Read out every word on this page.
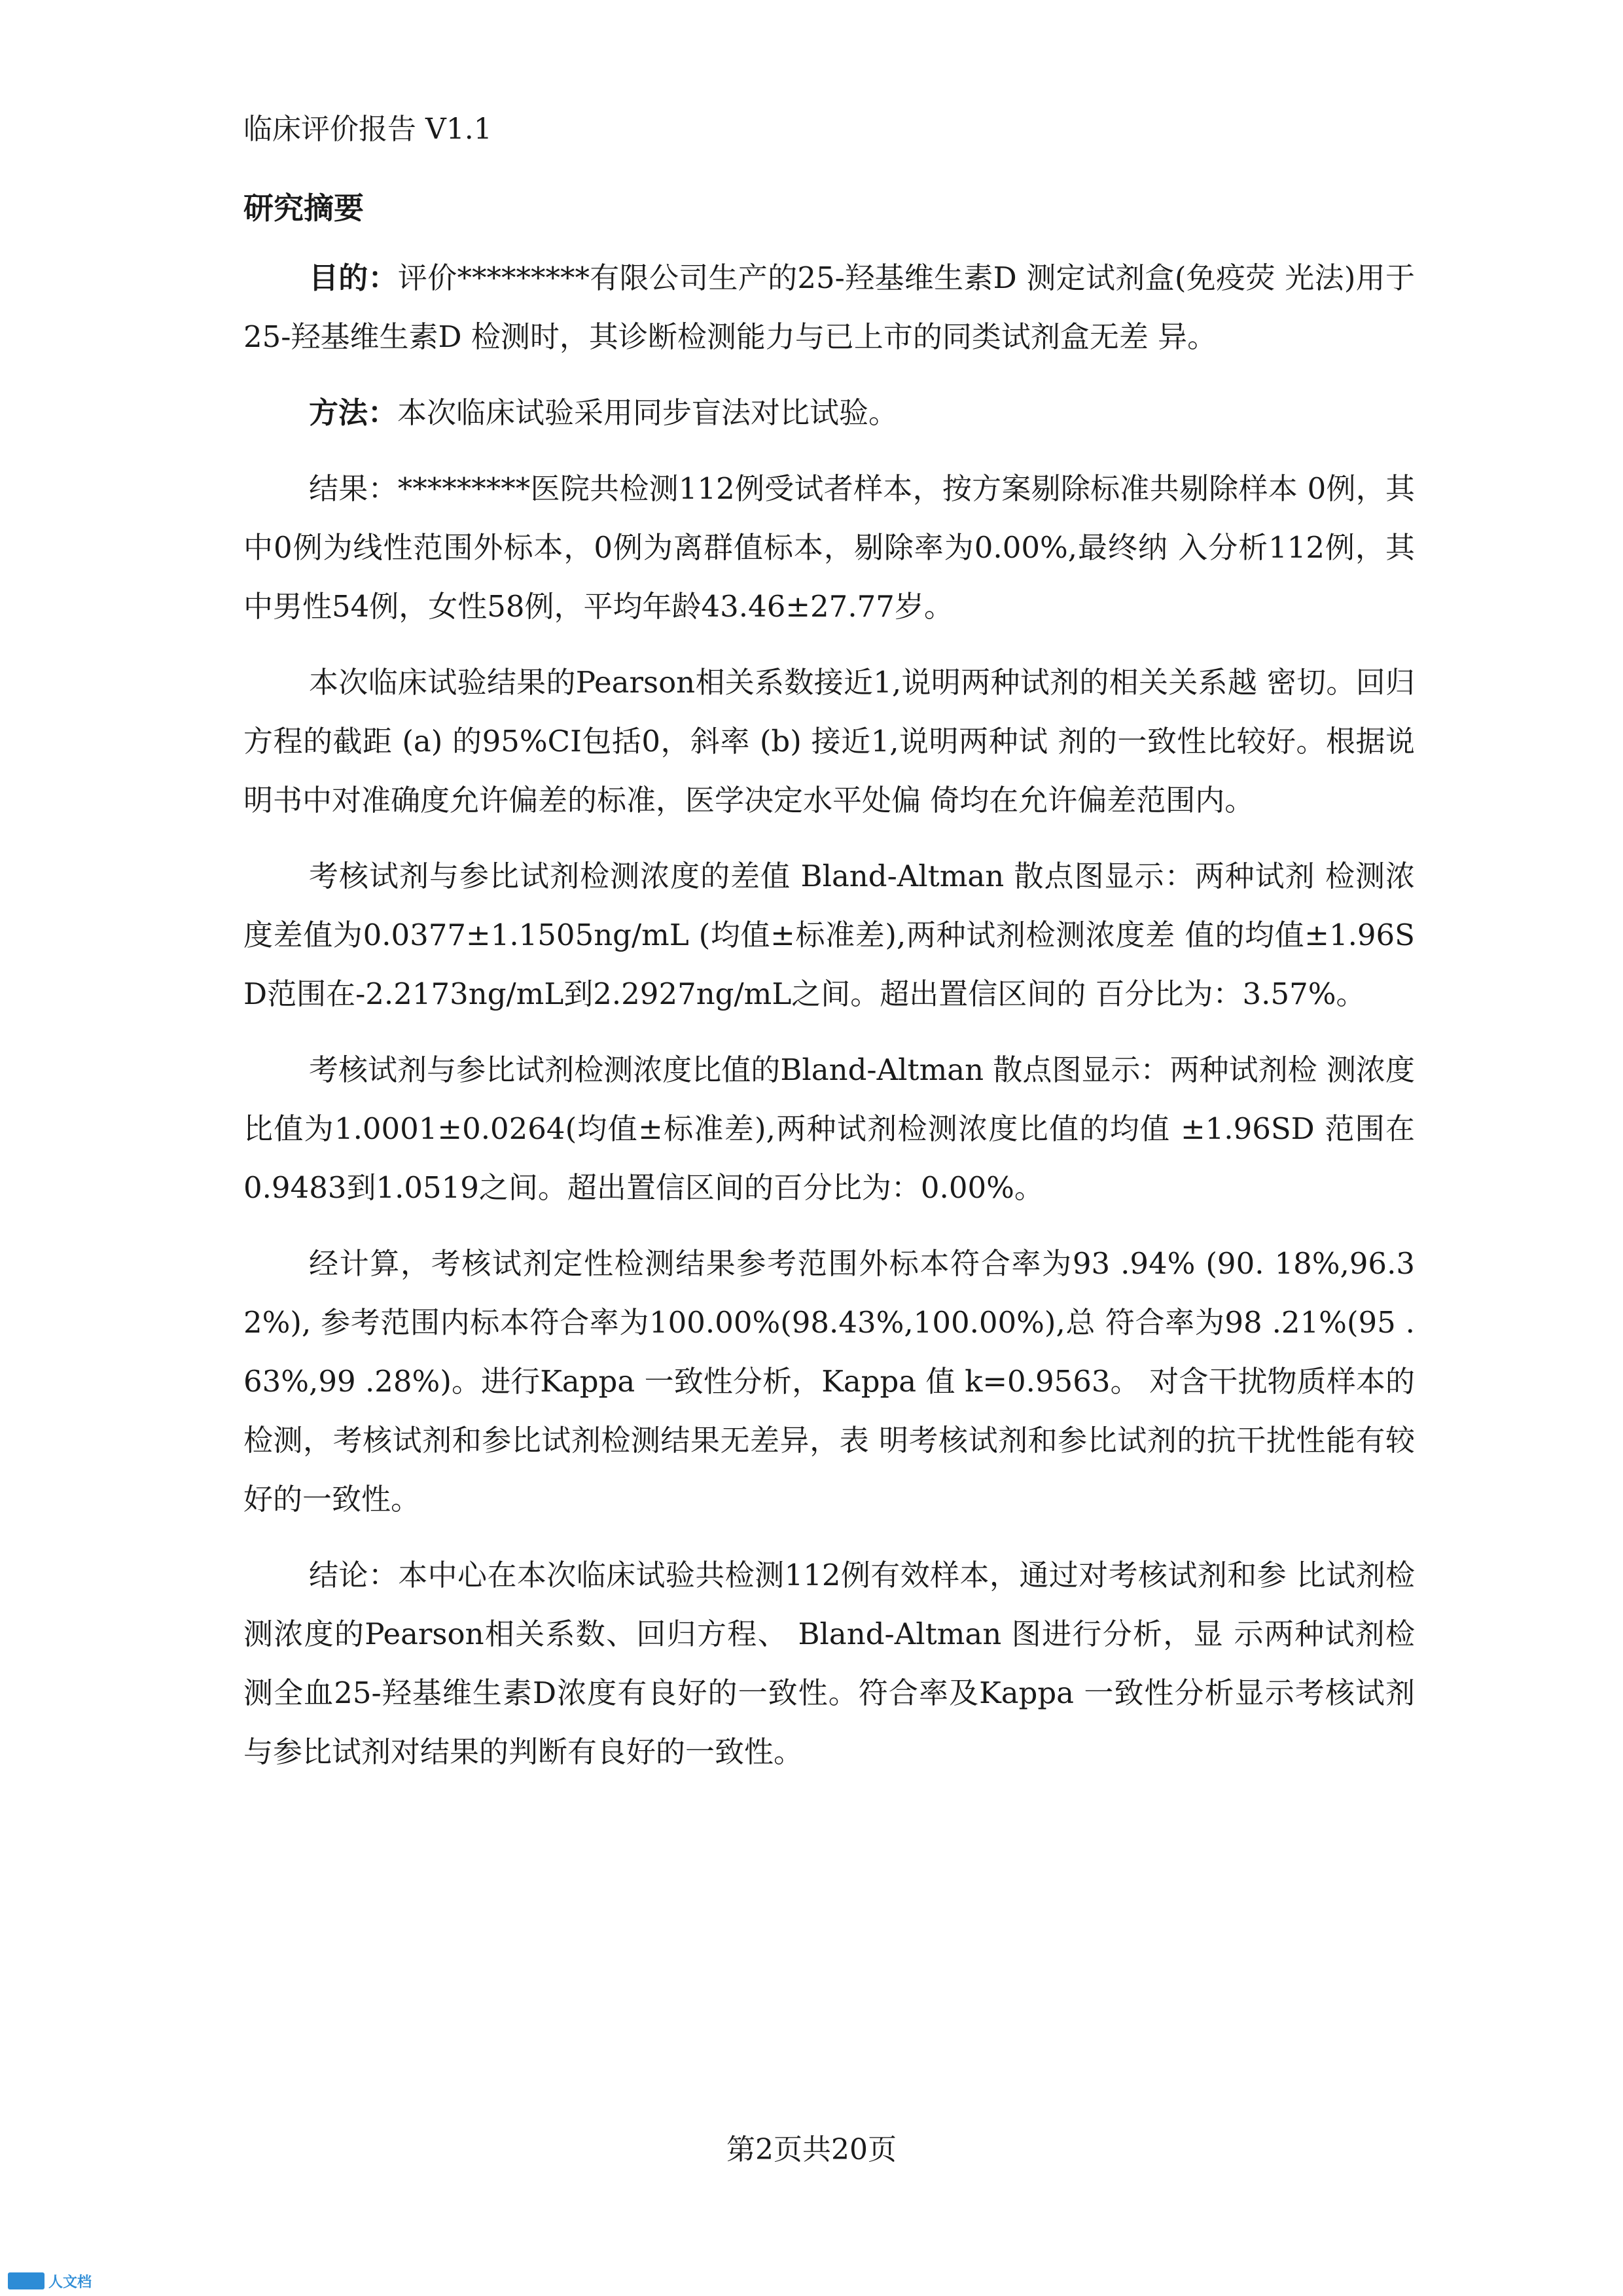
临床评价报告 V1.1
研究摘要

目的：评价*********有限公司生产的25-羟基维生素D 测定试剂盒(免疫荧 光法)用于25-羟基维生素D 检测时，其诊断检测能力与已上市的同类试剂盒无差 异。

方法：本次临床试验采用同步盲法对比试验。

结果：*********医院共检测112例受试者样本，按方案剔除标准共剔除样本 0例，其中0例为线性范围外标本，0例为离群值标本，剔除率为0.00%,最终纳 入分析112例，其中男性54例，女性58例，平均年龄43.46±27.77岁。

本次临床试验结果的Pearson相关系数接近1,说明两种试剂的相关关系越 密切。回归方程的截距 (a) 的95%CI包括0，斜率 (b) 接近1,说明两种试 剂的一致性比较好。根据说明书中对准确度允许偏差的标准，医学决定水平处偏 倚均在允许偏差范围内。

考核试剂与参比试剂检测浓度的差值 Bland-Altman 散点图显示：两种试剂 检测浓度差值为0.0377±1.1505ng/mL (均值±标准差),两种试剂检测浓度差 值的均值±1.96SD范围在-2.2173ng/mL到2.2927ng/mL之间。超出置信区间的 百分比为：3.57%。

考核试剂与参比试剂检测浓度比值的Bland-Altman 散点图显示：两种试剂检 测浓度比值为1.0001±0.0264(均值±标准差),两种试剂检测浓度比值的均值 ±1.96SD 范围在0.9483到1.0519之间。超出置信区间的百分比为：0.00%。

经计算，考核试剂定性检测结果参考范围外标本符合率为93 .94% (90. 18%,96.32%), 参考范围内标本符合率为100.00%(98.43%,100.00%),总 符合率为98 .21%(95 .63%,99 .28%)。进行Kappa 一致性分析，Kappa 值 k=0.9563。 对含干扰物质样本的检测，考核试剂和参比试剂检测结果无差异，表 明考核试剂和参比试剂的抗干扰性能有较好的一致性。

结论：本中心在本次临床试验共检测112例有效样本，通过对考核试剂和参 比试剂检测浓度的Pearson相关系数、回归方程、 Bland-Altman 图进行分析，显 示两种试剂检测全血25-羟基维生素D浓度有良好的一致性。符合率及Kappa 一致性分析显示考核试剂与参比试剂对结果的判断有良好的一致性。

第2页共20页
人文档
